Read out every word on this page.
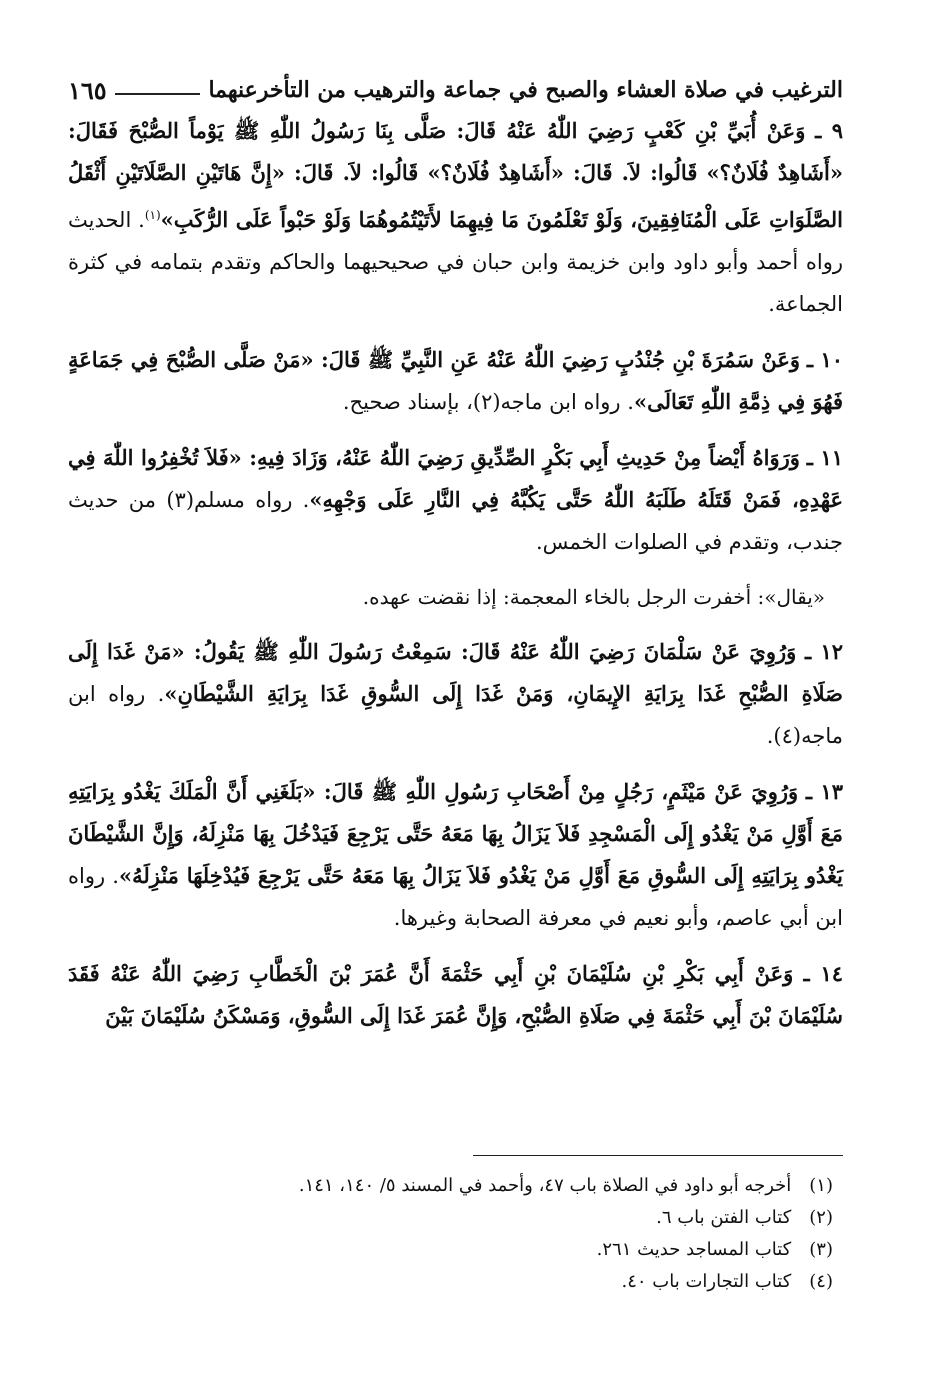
الترغيب في صلاة العشاء والصبح في جماعة والترهيب من التأخرعنهما
١٦٥

٩ ـ وَعَنْ أُبَيِّ بْنِ كَعْبٍ رَضِيَ اللّٰهُ عَنْهُ قَالَ: صَلَّى بِنَا رَسُولُ اللّٰهِ ﷺ يَوْماً الصُّبْحَ فَقَالَ: «أَشَاهِدٌ فُلَانٌ؟» قَالُوا: لاَ. قَالَ: «أَشَاهِدٌ فُلَانٌ؟» قَالُوا: لاَ. قَالَ: «إِنَّ هَاتَيْنِ الصَّلَاتَيْنِ أَثْقَلُ الصَّلَوَاتِ عَلَى الْمُنَافِقِينَ، وَلَوْ تَعْلَمُونَ مَا فِيهِمَا لأَتَيْتُمُوهُمَا وَلَوْ حَبْواً عَلَى الرُّكَبِ»$^{(١)}$. الحديث رواه أحمد وأبو داود وابن خزيمة وابن حبان في صحيحيهما والحاكم وتقدم بتمامه في كثرة الجماعة.

١٠ ـ وَعَنْ سَمُرَةَ بْنِ جُنْدُبٍ رَضِيَ اللّٰهُ عَنْهُ عَنِ النَّبِيِّ ﷺ قَالَ: «مَنْ صَلَّى الصُّبْحَ فِي جَمَاعَةٍ فَهُوَ فِي ذِمَّةِ اللّٰهِ تَعَالَى». رواه ابن ماجه(٢)، بإسناد صحيح.

١١ ـ وَرَوَاهُ أَيْضاً مِنْ حَدِيثِ أَبِي بَكْرٍ الصِّدِّيقِ رَضِيَ اللّٰهُ عَنْهُ، وَزَادَ فِيهِ: «فَلاَ تُخْفِرُوا اللّٰهَ فِي عَهْدِهِ، فَمَنْ قَتَلَهُ طَلَبَهُ اللّٰهُ حَتَّى يَكُبَّهُ فِي النَّارِ عَلَى وَجْهِهِ». رواه مسلم(٣) من حديث جندب، وتقدم في الصلوات الخمس.

«يقال»: أخفرت الرجل بالخاء المعجمة: إذا نقضت عهده.

١٢ ـ وَرُوِيَ عَنْ سَلْمَانَ رَضِيَ اللّٰهُ عَنْهُ قَالَ: سَمِعْتُ رَسُولَ اللّٰهِ ﷺ يَقُولُ: «مَنْ غَدَا إِلَى صَلَاةِ الصُّبْحِ غَدَا بِرَايَةِ الإِيمَانِ، وَمَنْ غَدَا إِلَى السُّوقِ غَدَا بِرَايَةِ الشَّيْطَانِ». رواه ابن ماجه(٤).

١٣ ـ وَرُوِيَ عَنْ مَيْثَمٍ، رَجُلٍ مِنْ أَصْحَابِ رَسُولِ اللّٰهِ ﷺ قَالَ: «بَلَغَنِي أَنَّ الْمَلَكَ يَغْدُو بِرَايَتِهِ مَعَ أَوَّلِ مَنْ يَغْدُو إِلَى الْمَسْجِدِ فَلاَ يَزَالُ بِهَا مَعَهُ حَتَّى يَرْجِعَ فَيَدْخُلَ بِهَا مَنْزِلَهُ، وَإِنَّ الشَّيْطَانَ يَغْدُو بِرَايَتِهِ إِلَى السُّوقِ مَعَ أَوَّلِ مَنْ يَغْدُو فَلاَ يَزَالُ بِهَا مَعَهُ حَتَّى يَرْجِعَ فَيُدْخِلَهَا مَنْزِلَهُ». رواه ابن أبي عاصم، وأبو نعيم في معرفة الصحابة وغيرها.

١٤ ـ وَعَنْ أَبِي بَكْرِ بْنِ سُلَيْمَانَ بْنِ أَبِي حَثْمَةَ أَنَّ عُمَرَ بْنَ الْخَطَّابِ رَضِيَ اللّٰهُ عَنْهُ فَقَدَ سُلَيْمَانَ بْنَ أَبِي حَثْمَةَ فِي صَلَاةِ الصُّبْحِ، وَإِنَّ عُمَرَ غَدَا إِلَى السُّوقِ، وَمَسْكَنُ سُلَيْمَانَ بَيْنَ

(١) أخرجه أبو داود في الصلاة باب ٤٧، وأحمد في المسند ٥/ ١٤٠، ١٤١.

(٢) كتاب الفتن باب ٦.

(٣) كتاب المساجد حديث ٢٦١.

(٤) كتاب التجارات باب ٤٠.
